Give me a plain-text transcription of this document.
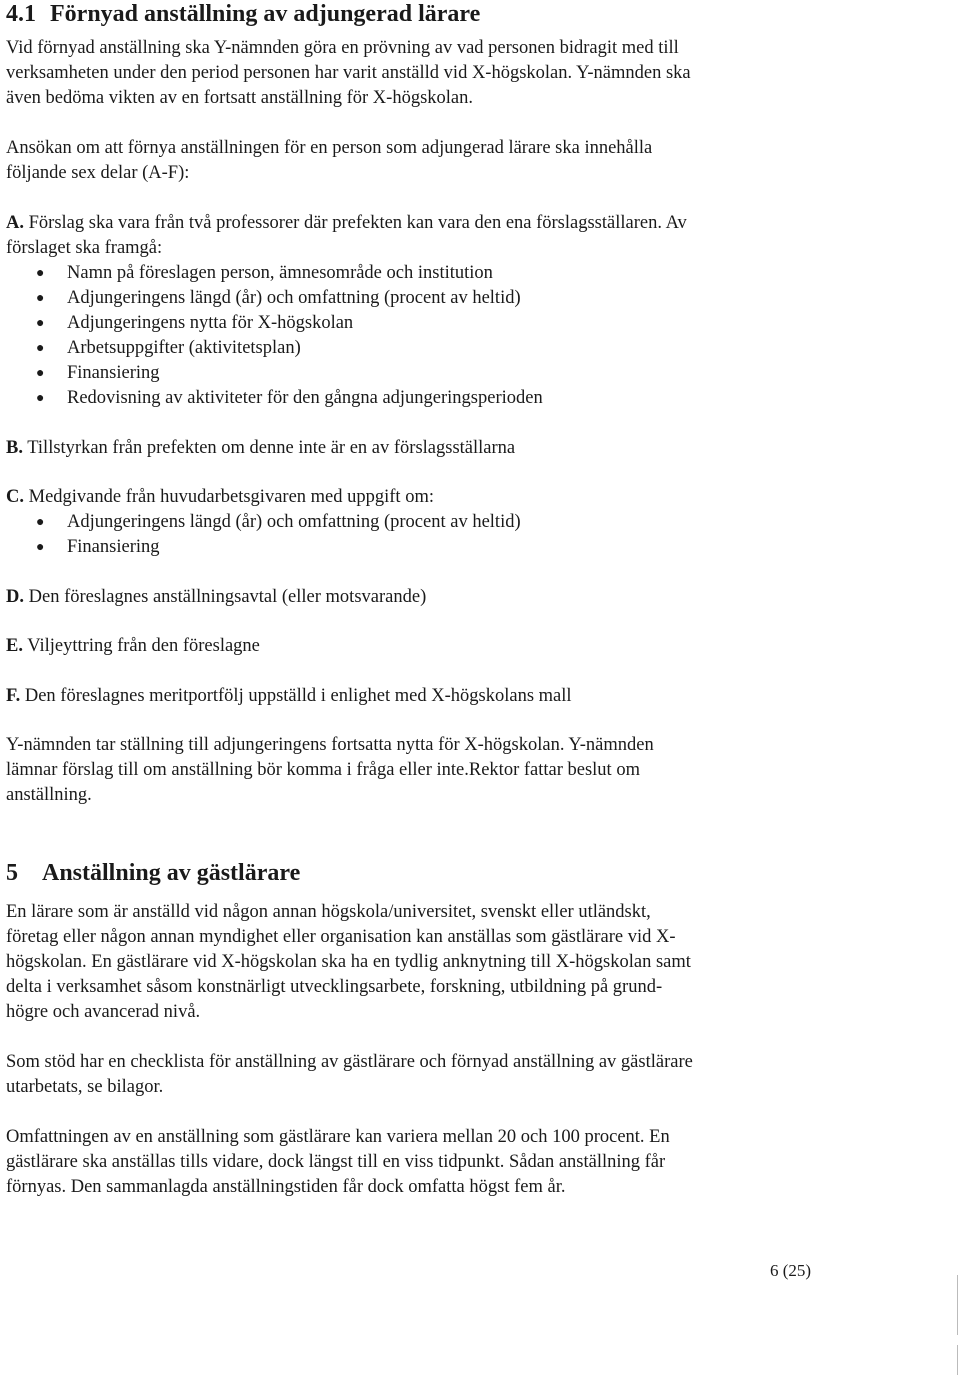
4.1 Förnyad anställning av adjungerad lärare
Vid förnyad anställning ska Y-nämnden göra en prövning av vad personen bidragit med till
verksamheten under den period personen har varit anställd vid X-högskolan. Y-nämnden ska
även bedöma vikten av en fortsatt anställning för X-högskolan.
Ansökan om att förnya anställningen för en person som adjungerad lärare ska innehålla
följande sex delar (A-F):
A. Förslag ska vara från två professorer där prefekten kan vara den ena förslagsställaren. Av
förslaget ska framgå:
● Namn på föreslagen person, ämnesområde och institution
● Adjungeringens längd (år) och omfattning (procent av heltid)
● Adjungeringens nytta för X-högskolan
● Arbetsuppgifter (aktivitetsplan)
● Finansiering
● Redovisning av aktiviteter för den gångna adjungeringsperioden
B. Tillstyrkan från prefekten om denne inte är en av förslagsställarna
C. Medgivande från huvudarbetsgivaren med uppgift om:
● Adjungeringens längd (år) och omfattning (procent av heltid)
● Finansiering
D. Den föreslagnes anställningsavtal (eller motsvarande)
E. Viljeyttring från den föreslagne
F. Den föreslagnes meritportfölj uppställd i enlighet med X-högskolans mall
Y-nämnden tar ställning till adjungeringens fortsatta nytta för X-högskolan. Y-nämnden
lämnar förslag till om anställning bör komma i fråga eller inte.Rektor fattar beslut om
anställning.
5 Anställning av gästlärare
En lärare som är anställd vid någon annan högskola/universitet, svenskt eller utländskt,
företag eller någon annan myndighet eller organisation kan anställas som gästlärare vid X-
högskolan. En gästlärare vid X-högskolan ska ha en tydlig anknytning till X-högskolan samt
delta i verksamhet såsom konstnärligt utvecklingsarbete, forskning, utbildning på grund-
högre och avancerad nivå.
Som stöd har en checklista för anställning av gästlärare och förnyad anställning av gästlärare
utarbetats, se bilagor.
Omfattningen av en anställning som gästlärare kan variera mellan 20 och 100 procent. En
gästlärare ska anställas tills vidare, dock längst till en viss tidpunkt. Sådan anställning får
förnyas. Den sammanlagda anställningstiden får dock omfatta högst fem år.
6 (25)
